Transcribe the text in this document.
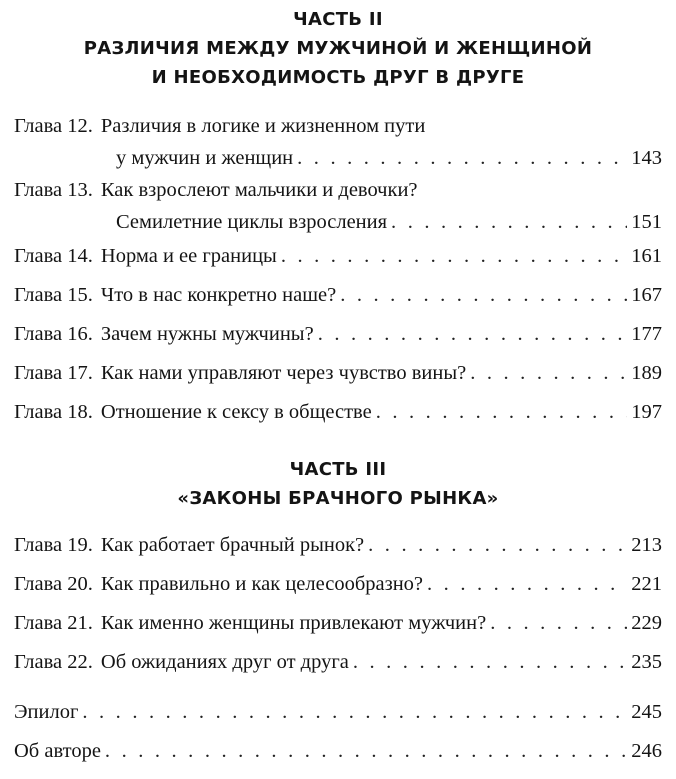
ЧАСТЬ II
РАЗЛИЧИЯ МЕЖДУ МУЖЧИНОЙ И ЖЕНЩИНОЙ
И НЕОБХОДИМОСТЬ ДРУГ В ДРУГЕ
Глава 12. Различия в логике и жизненном пути
у мужчин и женщин . . .	143
Глава 13. Как взрослеют мальчики и девочки?
Семилетние циклы взросления . . .	151
Глава 14. Норма и ее границы . . .	161
Глава 15. Что в нас конкретно наше? . . .	167
Глава 16. Зачем нужны мужчины? . . .	177
Глава 17. Как нами управляют через чувство вины? . . .	189
Глава 18. Отношение к сексу в обществе . . .	197
ЧАСТЬ III
«ЗАКОНЫ БРАЧНОГО РЫНКА»
Глава 19. Как работает брачный рынок? . . .	213
Глава 20. Как правильно и как целесообразно? . . .	221
Глава 21. Как именно женщины привлекают мужчин? . . .	229
Глава 22. Об ожиданиях друг от друга . . .	235
Эпилог . . .	245
Об авторе . . .	246
